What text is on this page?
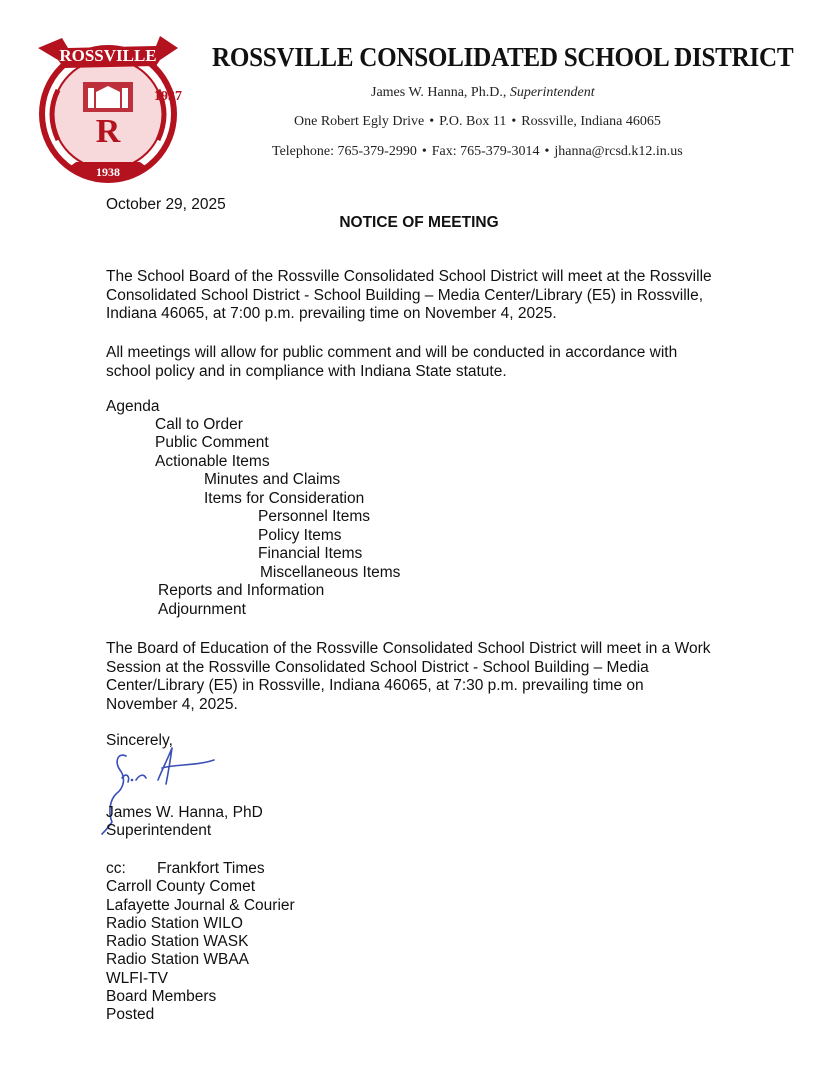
ROSSVILLE
1937
R
1938
ROSSVILLE CONSOLIDATED SCHOOL DISTRICT
James W. Hanna, Ph.D., Superintendent
One Robert Egly Drive • P.O. Box 11 • Rossville, Indiana 46065
Telephone: 765-379-2990 • Fax: 765-379-3014 • jhanna@rcsd.k12.in.us
October 29, 2025
NOTICE OF MEETING
The School Board of the Rossville Consolidated School District will meet at the Rossville
Consolidated School District - School Building – Media Center/Library (E5) in Rossville,
Indiana 46065, at 7:00 p.m. prevailing time on November 4, 2025.
All meetings will allow for public comment and will be conducted in accordance with
school policy and in compliance with Indiana State statute.
Agenda
Call to Order
Public Comment
Actionable Items
Minutes and Claims
Items for Consideration
Personnel Items
Policy Items
Financial Items
Miscellaneous Items
Reports and Information
Adjournment
The Board of Education of the Rossville Consolidated School District will meet in a Work
Session at the Rossville Consolidated School District - School Building – Media
Center/Library (E5) in Rossville, Indiana 46065, at 7:30 p.m. prevailing time on
November 4, 2025.
Sincerely,
James W. Hanna, PhD
Superintendent
cc: Frankfort Times
Carroll County Comet
Lafayette Journal & Courier
Radio Station WILO
Radio Station WASK
Radio Station WBAA
WLFI-TV
Board Members
Posted
